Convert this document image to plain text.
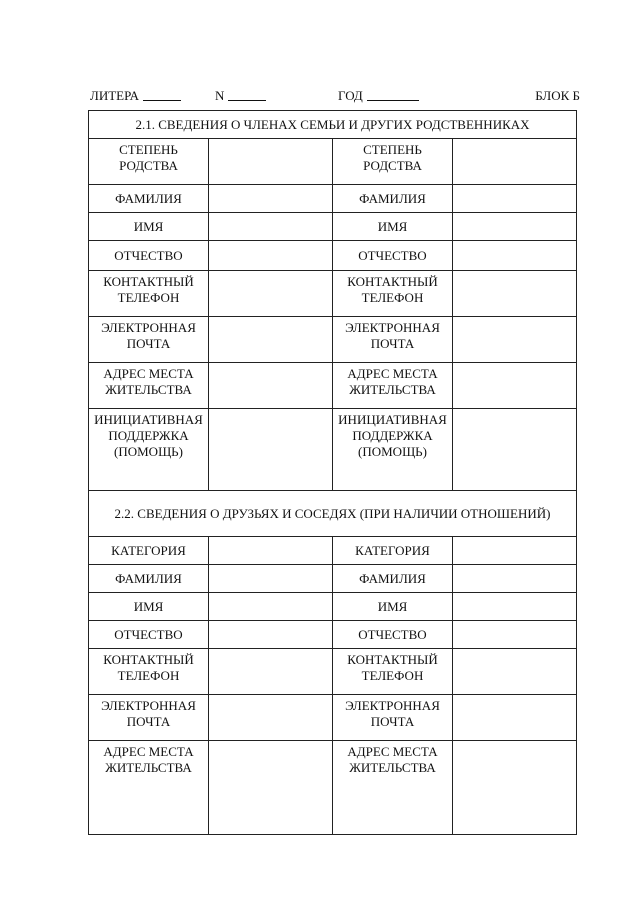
ЛИТЕРА	N	ГОД	БЛОК Б
2.1. СВЕДЕНИЯ О ЧЛЕНАХ СЕМЬИ И ДРУГИХ РОДСТВЕННИКАХ			
СТЕПЕНЬ РОДСТВА		СТЕПЕНЬ РОДСТВА	
ФАМИЛИЯ		ФАМИЛИЯ	
ИМЯ		ИМЯ	
ОТЧЕСТВО		ОТЧЕСТВО	
КОНТАКТНЫЙ ТЕЛЕФОН		КОНТАКТНЫЙ ТЕЛЕФОН	
ЭЛЕКТРОННАЯ ПОЧТА		ЭЛЕКТРОННАЯ ПОЧТА	
АДРЕС МЕСТА ЖИТЕЛЬСТВА		АДРЕС МЕСТА ЖИТЕЛЬСТВА	
ИНИЦИАТИВНАЯ ПОДДЕРЖКА (ПОМОЩЬ)		ИНИЦИАТИВНАЯ ПОДДЕРЖКА (ПОМОЩЬ)	
2.2. СВЕДЕНИЯ О ДРУЗЬЯХ И СОСЕДЯХ (ПРИ НАЛИЧИИ ОТНОШЕНИЙ)			
КАТЕГОРИЯ		КАТЕГОРИЯ	
ФАМИЛИЯ		ФАМИЛИЯ	
ИМЯ		ИМЯ	
ОТЧЕСТВО		ОТЧЕСТВО	
КОНТАКТНЫЙ ТЕЛЕФОН		КОНТАКТНЫЙ ТЕЛЕФОН	
ЭЛЕКТРОННАЯ ПОЧТА		ЭЛЕКТРОННАЯ ПОЧТА	
АДРЕС МЕСТА ЖИТЕЛЬСТВА		АДРЕС МЕСТА ЖИТЕЛЬСТВА	
